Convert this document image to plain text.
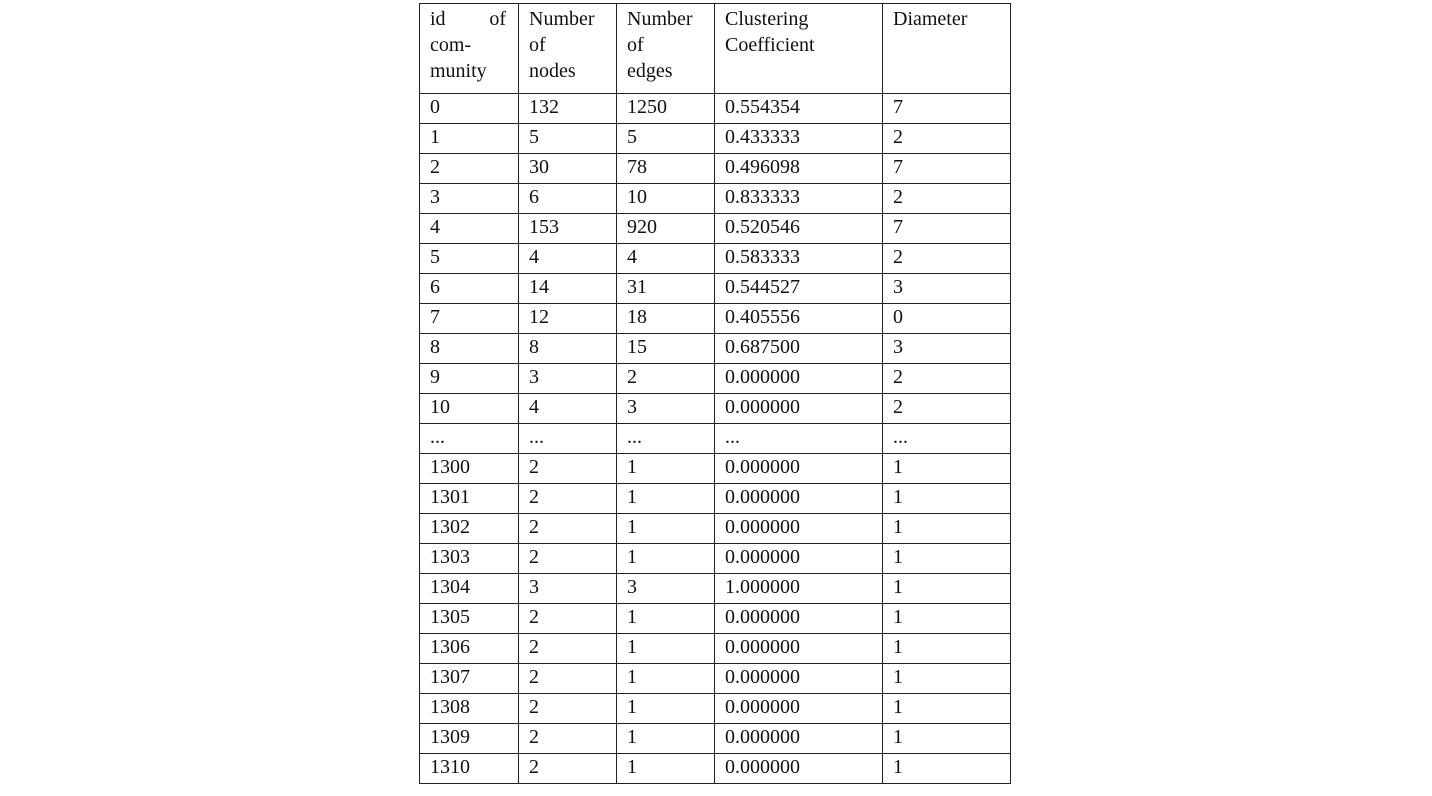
id of
com-
munity	Number
of
nodes	Number
of
edges	Clustering
Coefficient	Diameter

0	132	1250	0.554354	7
1	5	5	0.433333	2
2	30	78	0.496098	7
3	6	10	0.833333	2
4	153	920	0.520546	7
5	4	4	0.583333	2
6	14	31	0.544527	3
7	12	18	0.405556	0
8	8	15	0.687500	3
9	3	2	0.000000	2
10	4	3	0.000000	2
...	...	...	...	...
1300	2	1	0.000000	1
1301	2	1	0.000000	1
1302	2	1	0.000000	1
1303	2	1	0.000000	1
1304	3	3	1.000000	1
1305	2	1	0.000000	1
1306	2	1	0.000000	1
1307	2	1	0.000000	1
1308	2	1	0.000000	1
1309	2	1	0.000000	1
1310	2	1	0.000000	1
